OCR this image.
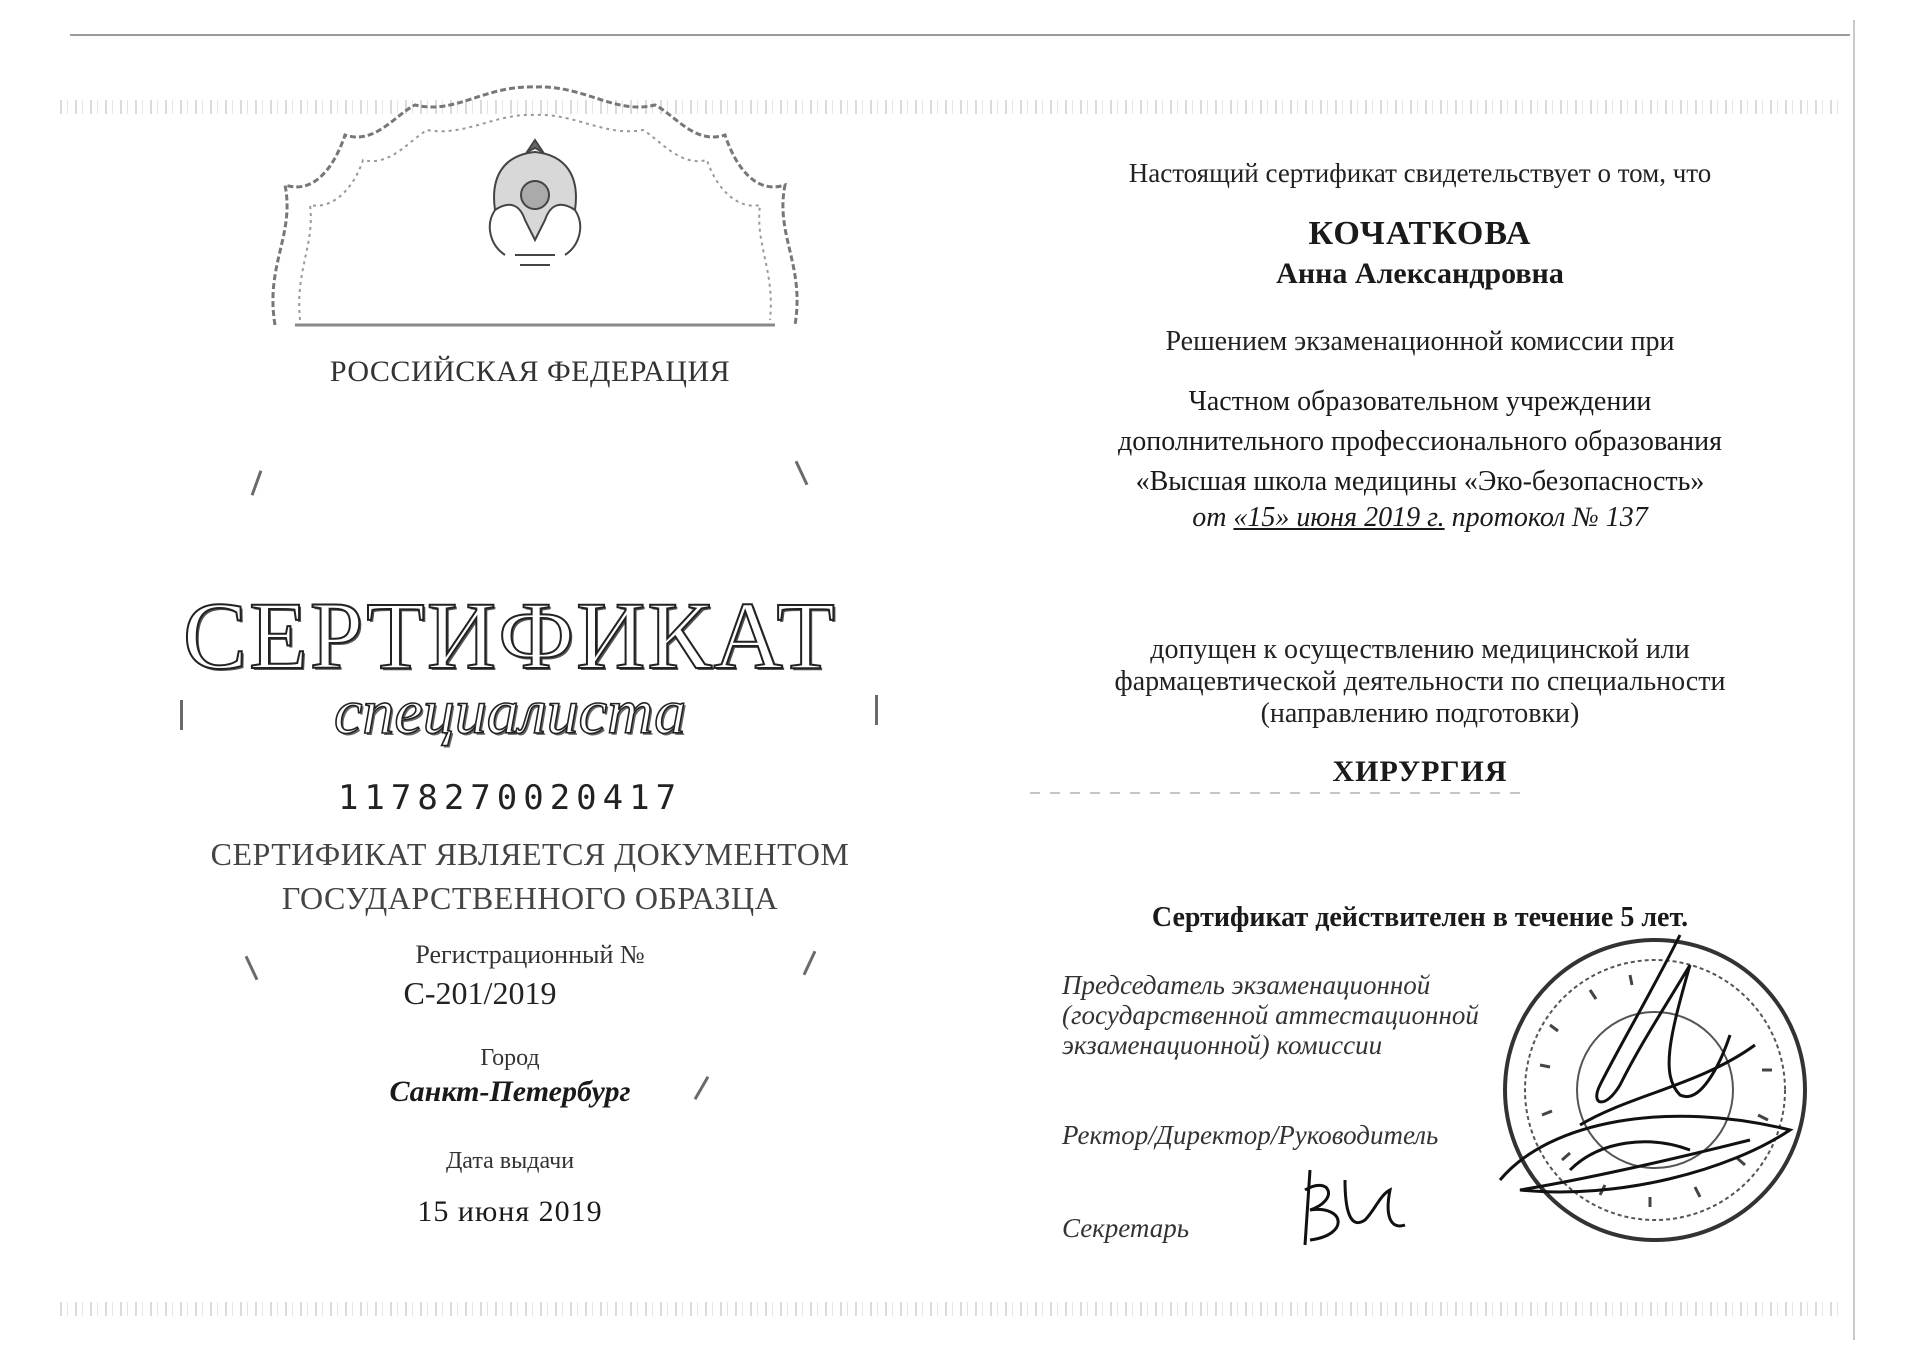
РОССИЙСКАЯ ФЕДЕРАЦИЯ
СЕРТИФИКАТ
специалиста
1178270020417
СЕРТИФИКАТ ЯВЛЯЕТСЯ ДОКУМЕНТОМ
ГОСУДАРСТВЕННОГО ОБРАЗЦА
Регистрационный №
С-201/2019
Город
Санкт-Петербург
Дата выдачи
15 июня 2019
Настоящий сертификат свидетельствует о том, что
КОЧАТКОВА
Анна Александровна
Решением экзаменационной комиссии при
Частном образовательном учреждении
дополнительного профессионального образования
«Высшая школа медицины «Эко-безопасность»
от «15» июня 2019 г. протокол № 137
допущен к осуществлению медицинской или
фармацевтической деятельности по специальности
(направлению подготовки)
ХИРУРГИЯ
Сертификат действителен в течение 5 лет.
Председатель экзаменационной
(государственной аттестационной
экзаменационной) комиссии
Ректор/Директор/Руководитель
Секретарь
